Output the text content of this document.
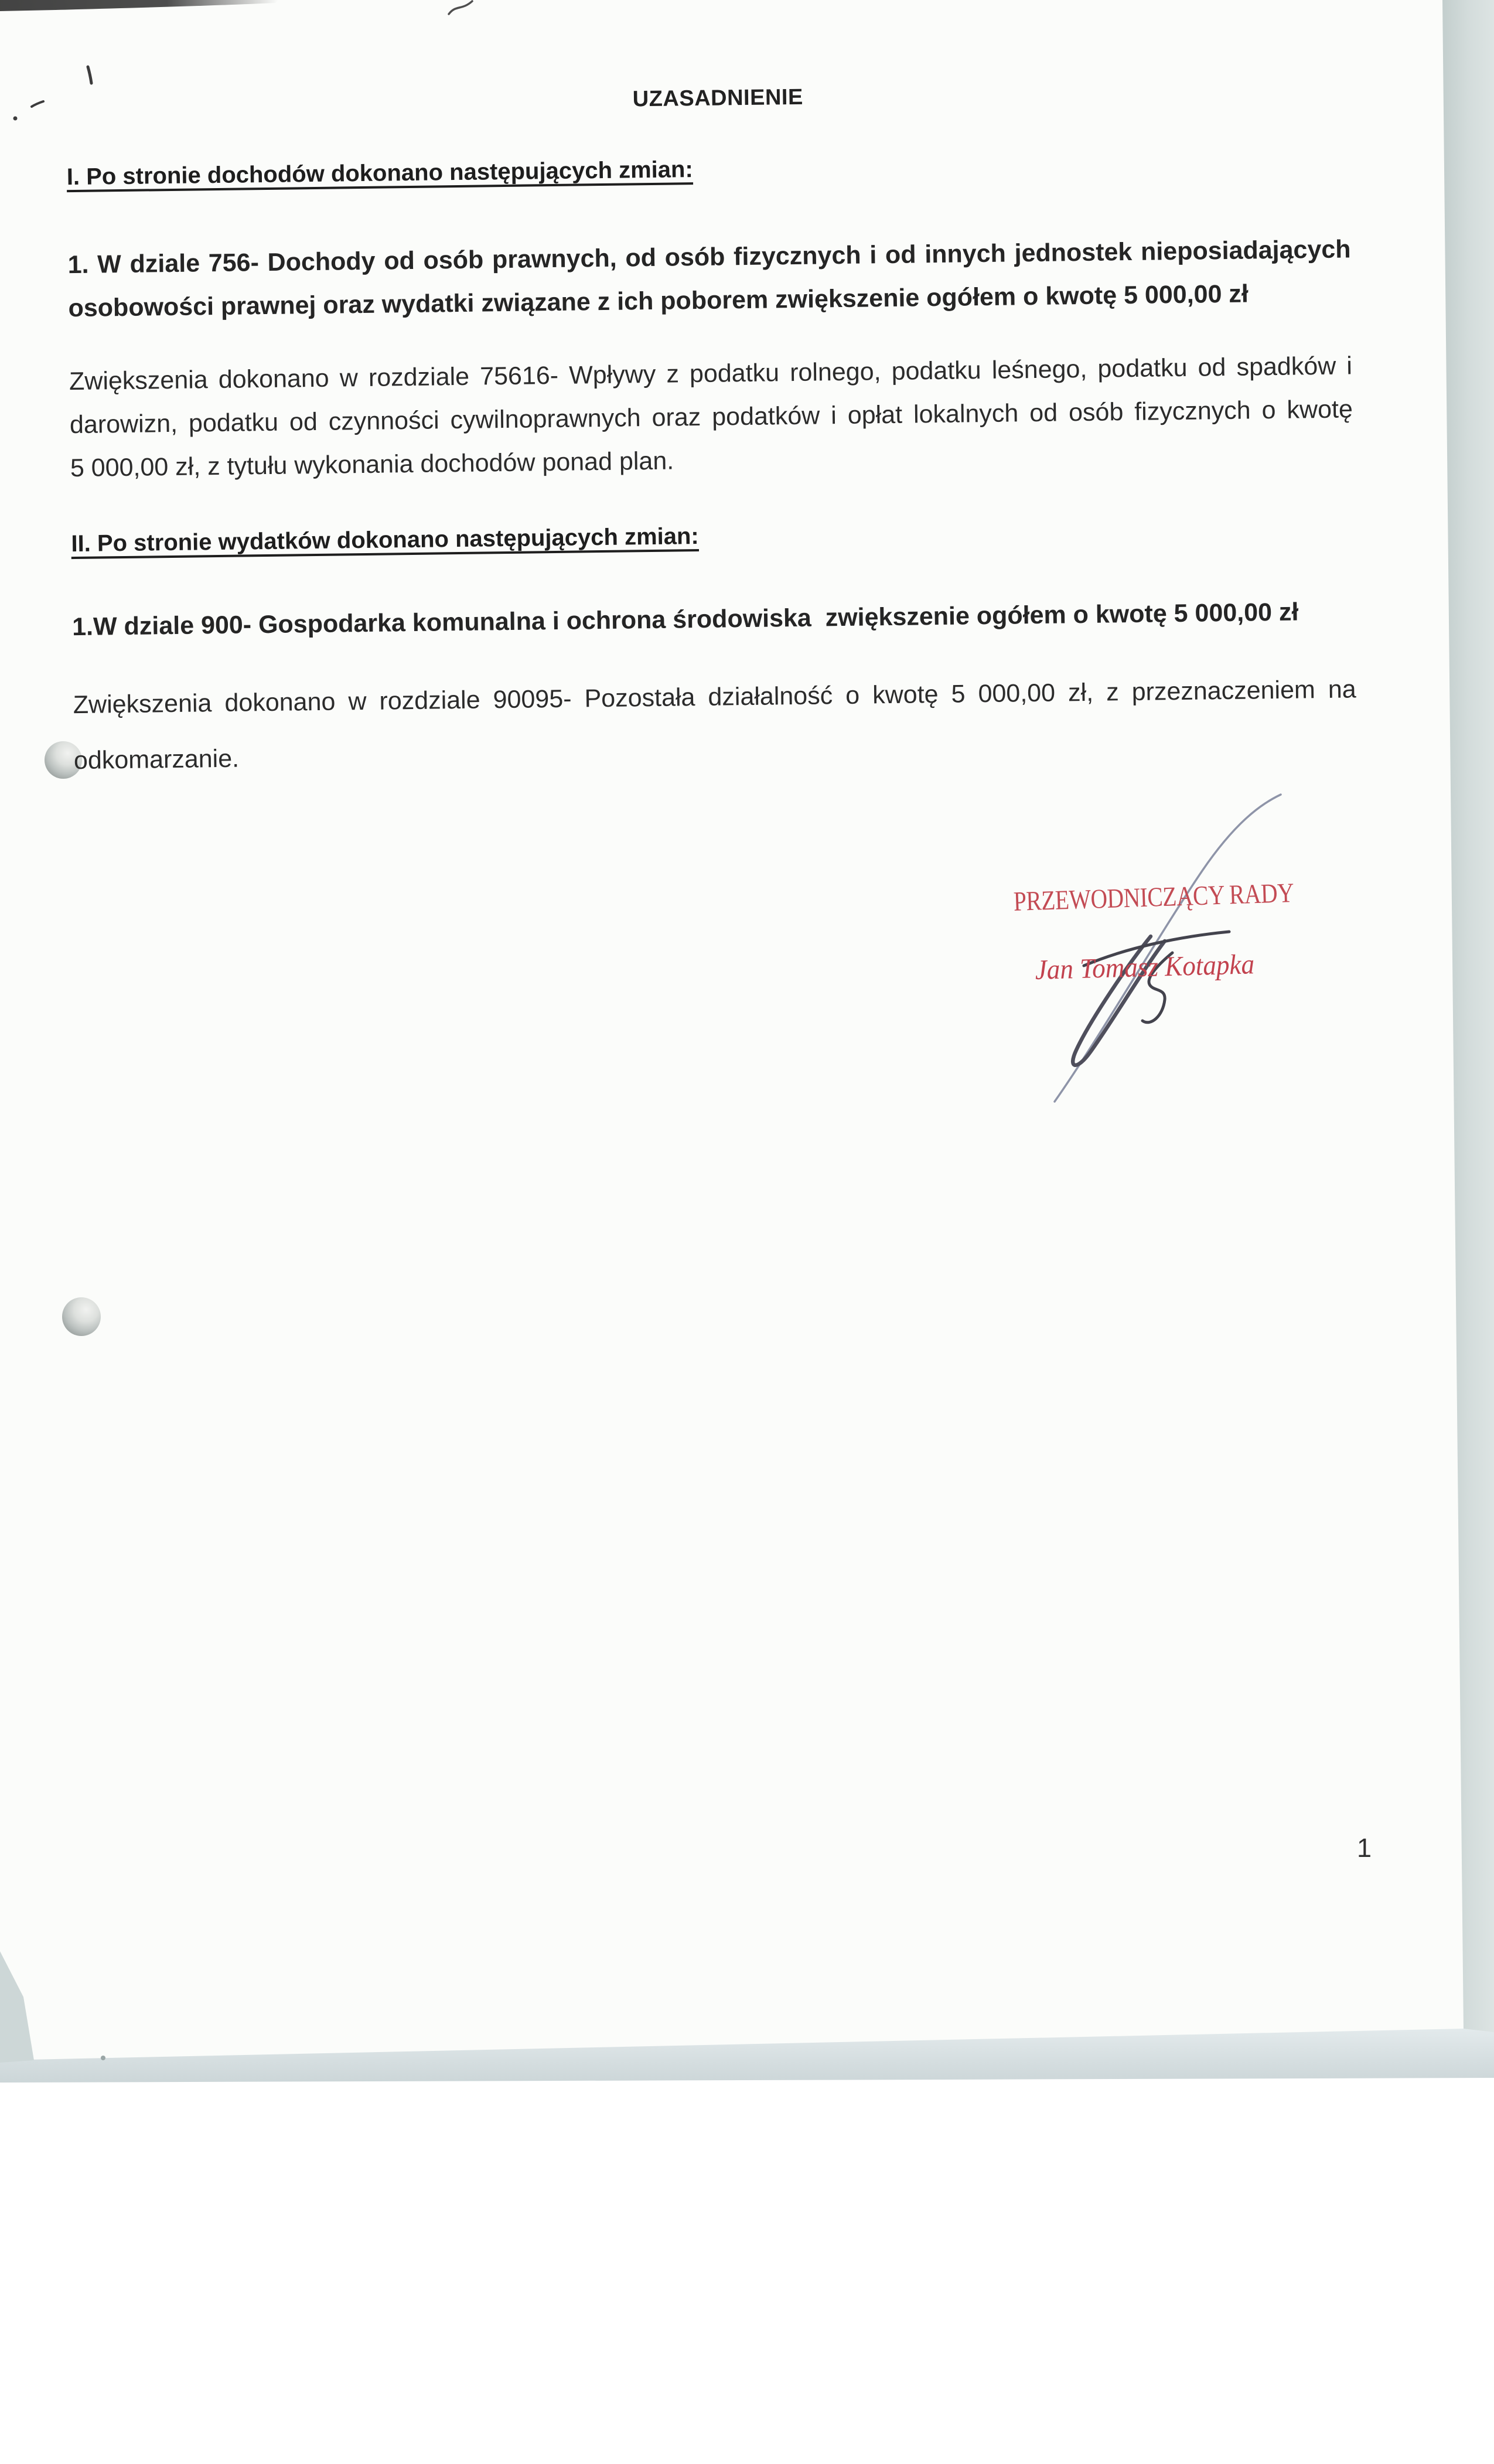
UZASADNIENIE
I. Po stronie dochodów dokonano następujących zmian:
1. W dziale 756- Dochody od osób prawnych, od osób fizycznych i od innych jednostek nieposiadających
osobowości prawnej oraz wydatki związane z ich poborem zwiększenie ogółem o kwotę 5 000,00 zł
Zwiększenia dokonano w rozdziale 75616- Wpływy z podatku rolnego, podatku leśnego, podatku od spadków i
darowizn, podatku od czynności cywilnoprawnych oraz podatków i opłat lokalnych od osób fizycznych o kwotę
5 000,00 zł, z tytułu wykonania dochodów ponad plan.
II. Po stronie wydatków dokonano następujących zmian:
1.W dziale 900- Gospodarka komunalna i ochrona środowiska  zwiększenie ogółem o kwotę 5 000,00 zł
Zwiększenia dokonano w rozdziale 90095- Pozostała działalność o kwotę 5 000,00 zł, z przeznaczeniem na
odkomarzanie.
PRZEWODNICZĄCY RADY
Jan Tomasz Kotapka
1
